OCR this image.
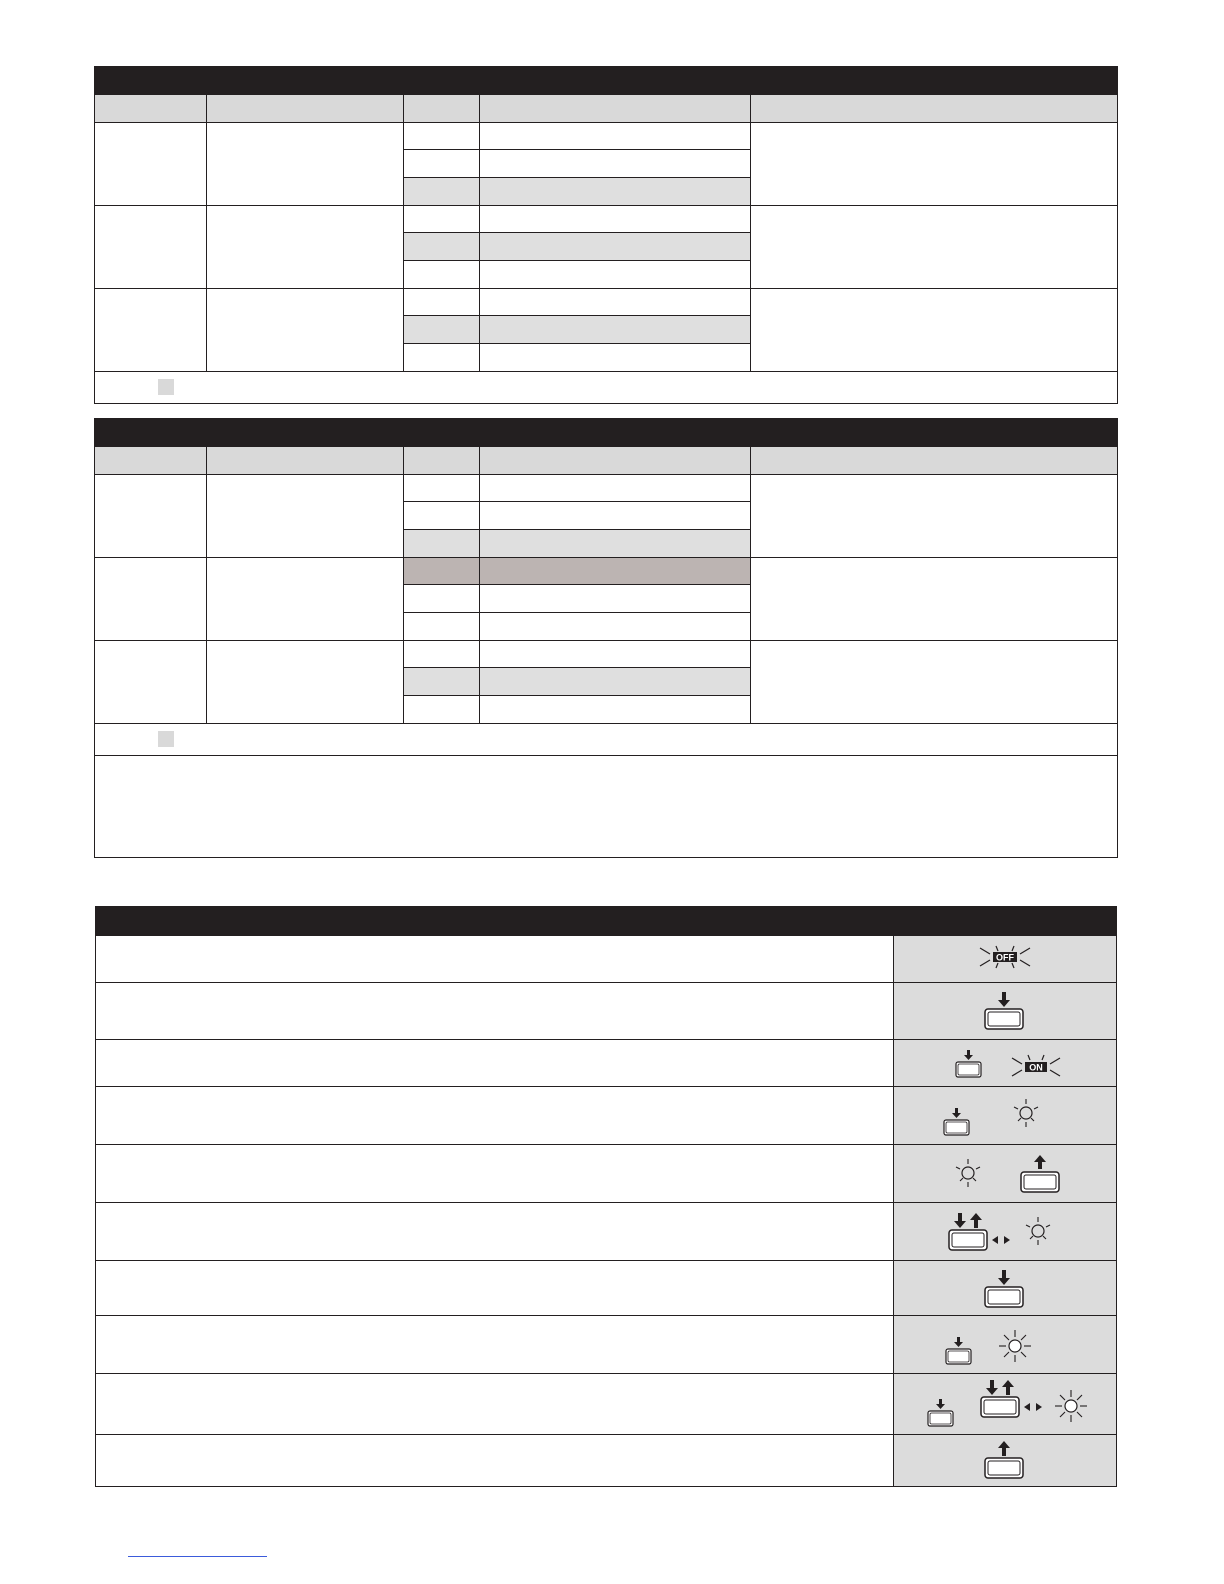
OFF
ON
